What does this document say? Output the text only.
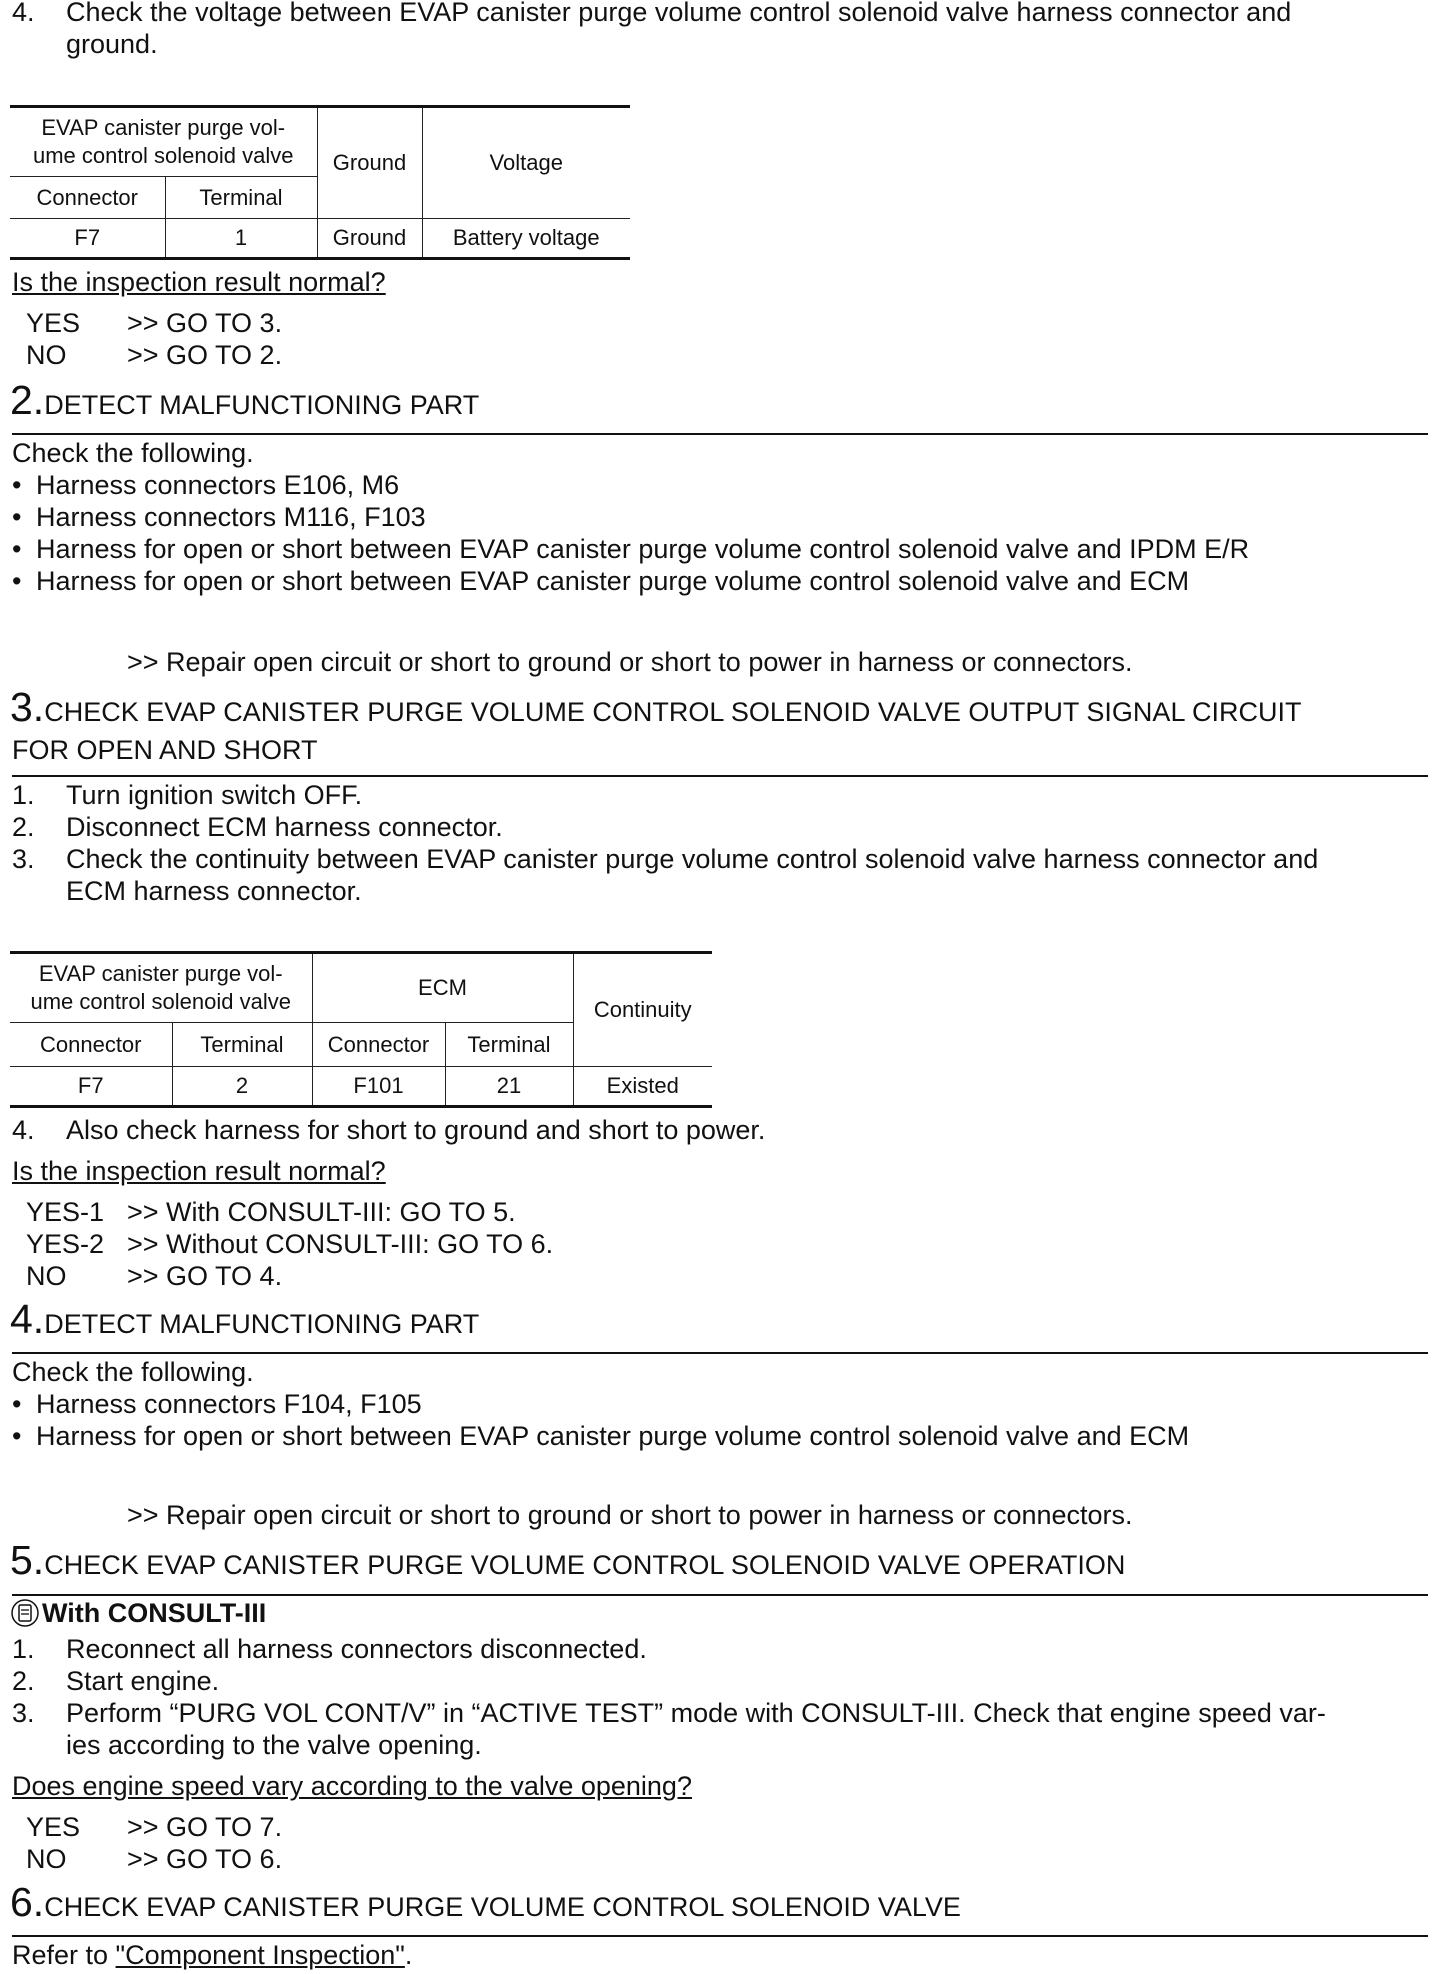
4. Check the voltage between EVAP canister purge volume control solenoid valve harness connector and
ground.
EVAP canister purge vol-
ume control solenoid valve		Ground	Voltage
Connector	Terminal		
F7	1	Ground	Battery voltage
Is the inspection result normal?
YES >> GO TO 3.
NO >> GO TO 2.
2.DETECT MALFUNCTIONING PART
Check the following.
• Harness connectors E106, M6
• Harness connectors M116, F103
• Harness for open or short between EVAP canister purge volume control solenoid valve and IPDM E/R
• Harness for open or short between EVAP canister purge volume control solenoid valve and ECM
>> Repair open circuit or short to ground or short to power in harness or connectors.
3.CHECK EVAP CANISTER PURGE VOLUME CONTROL SOLENOID VALVE OUTPUT SIGNAL CIRCUIT
FOR OPEN AND SHORT
1. Turn ignition switch OFF.
2. Disconnect ECM harness connector.
3. Check the continuity between EVAP canister purge volume control solenoid valve harness connector and
ECM harness connector.
EVAP canister purge vol-
ume control solenoid valve		ECM		Continuity
Connector	Terminal	Connector	Terminal	
F7	2	F101	21	Existed
4. Also check harness for short to ground and short to power.
Is the inspection result normal?
YES-1 >> With CONSULT-III: GO TO 5.
YES-2 >> Without CONSULT-III: GO TO 6.
NO >> GO TO 4.
4.DETECT MALFUNCTIONING PART
Check the following.
• Harness connectors F104, F105
• Harness for open or short between EVAP canister purge volume control solenoid valve and ECM
>> Repair open circuit or short to ground or short to power in harness or connectors.
5.CHECK EVAP CANISTER PURGE VOLUME CONTROL SOLENOID VALVE OPERATION
With CONSULT-III
1. Reconnect all harness connectors disconnected.
2. Start engine.
3. Perform “PURG VOL CONT/V” in “ACTIVE TEST” mode with CONSULT-III. Check that engine speed var-
ies according to the valve opening.
Does engine speed vary according to the valve opening?
YES >> GO TO 7.
NO >> GO TO 6.
6.CHECK EVAP CANISTER PURGE VOLUME CONTROL SOLENOID VALVE
Refer to "Component Inspection".
